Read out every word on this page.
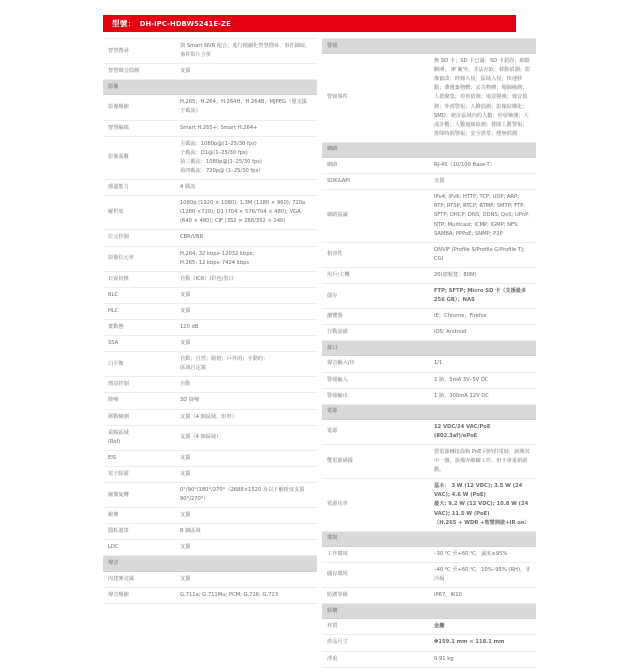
型號： DH-IPC-HDBW5241E-ZE
智慧搜尋	與 Smart NVR 配合，進行精細化智慧搜尋、事件擷取、事件影片合併
智慧聲音偵測	支援
影像	
影像壓縮	H.265；H.264；H.264H；H.264B；MJPEG（僅支援子碼流）
智慧編碼	Smart H.265+; Smart H.264+
影像張數	主碼流：1080p@(1–25/30 fps)
子碼流：D1@(1–25/30 fps)
第三碼流：1080p@(1–25/30 fps)
第四碼流：720p@ (1–25/30 fps）
感溫能力	4 碼流
解析度	1080p (1920 × 1080); 1.3M (1280 × 960); 720p (1280 ×720); D1 (704 × 576/704 × 480); VGA (640 × 480); CIF (352 × 288/352 × 240)
位元控制	CBR/VBR
影像位元率	H.264: 32 kbps–12032 kbps;
H.265: 12 kbps–7424 kbps
日夜切換	自動（ICR）/彩色/黑白
BLC	支援
HLC	支援
寬動態	120 dB
SSA	支援
白平衡	自動；自然；路燈；戶外的；手動的；
區域自定義
增益控制	自動
降噪	3D 降噪
移動檢測	支援（4 個區域，矩形）
重點區域
(RoI)	支援（4 個區域）
EIS	支援
電子除霧	支援
圖像旋轉	0°/90°/180°/270°（2688×1520 及以下解析度支援 90°/270°）
鏡像	支援
隱私遮罩	8 個區域
LDC	支援
聲音	
內建麥克風	支援
聲音壓縮	G.711a; G.711Mu; PCM; G.726; G.723
警報	
警報事件	無 SD 卡；SD 卡已滿；SD 卡錯誤；網路斷開； IP 衝突；非法存取；移動偵測；影像竄改；絆線入侵；區域入侵；快速移動；滯遺棄物體；丟失物體；場個檢測；人群聚集；停車偵測；場景變換；聲音偵測；外部警報；人臉偵測；影像結構化；SMD；統計區域內的人數；停留檢測；人流計數；人數過線偵測；排隊人數警報；排隊時間警報；安全異常；煙無偵測
網路	
網路	RJ-45（10/100 Base-T）
SDK&API	支援
網路協議	IPv4; IPv6; HTTP; TCP; UDP; ARP; RTP; RTSP; RTCP; RTMP; SMTP; FTP; SFTP; DHCP; DNS; DDNS; QoS; UPnP; NTP; Multicast; ICMP; IGMP; NFS; SAMBA; PPPoE; SNMP; P2P
相容性	ONVIF (Profile S/Profile G/Profile T); CGI
用戶/主機	20(總頻寬：80M)
儲存	FTP; SFTP; Micro SD 卡（支援最多 256 GB）；NAS
瀏覽器	IE；Chrome；Firefox
行動設備	iOS; Android
接口	
聲音輸入/出	1/1
警報輸入	2 路，5mA 3V–5V DC
警報輸出	1 路，300mA 12V DC
電源	
電源	12 VDC/24 VAC/PoE (802.3af)/ePoE
雙電源備援	當電源轉接設和 PoE 同時供電時，新開其中一個，設備亦維續工作，但不會重新啟動。
電源功率	基本： 3 W (12 VDC); 3.5 W (24 VAC); 4.6 W (PoE)
最大: 9.2 W (12 VDC); 10.8 W (24 VAC); 11.5 W (PoE)
（H.265 + WDR +智慧開啟+IR on）
環境	
工作環境	–30 ℃ 至+60 ℃，濕度≤95%
儲存環境	–40 ℃ 至+60 ℃，10%–95% (RH)，非冷凝
防護等級	IP67，IK10
結構	
材質	金屬
產品尺寸	Φ159.1 mm × 118.1 mm
淨重	0.91 kg
